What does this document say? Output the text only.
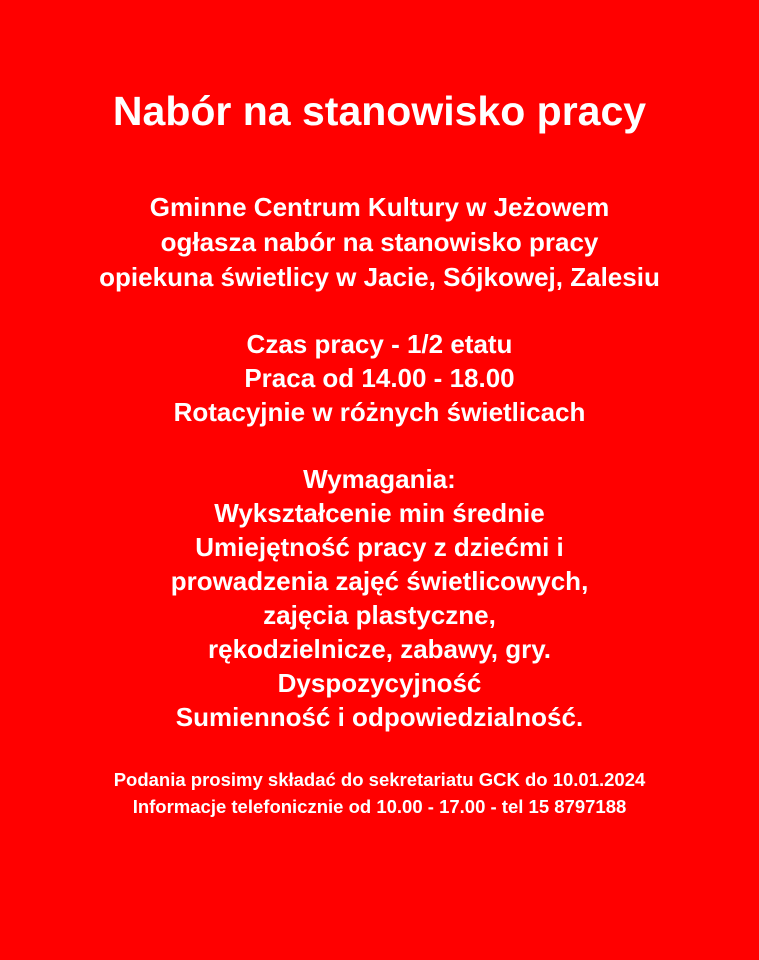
Nabór na stanowisko pracy
Gminne Centrum Kultury w Jeżowem
ogłasza nabór na stanowisko pracy
opiekuna świetlicy w Jacie, Sójkowej, Zalesiu
Czas pracy - 1/2 etatu
Praca od 14.00 - 18.00
Rotacyjnie w różnych świetlicach
Wymagania:
Wykształcenie min średnie
Umiejętność pracy z dziećmi i
prowadzenia zajęć świetlicowych,
zajęcia plastyczne,
rękodzielnicze, zabawy, gry.
Dyspozycyjność
Sumienność i odpowiedzialność.
Podania prosimy składać do sekretariatu GCK do 10.01.2024
Informacje telefonicznie od 10.00 - 17.00 - tel 15 8797188
